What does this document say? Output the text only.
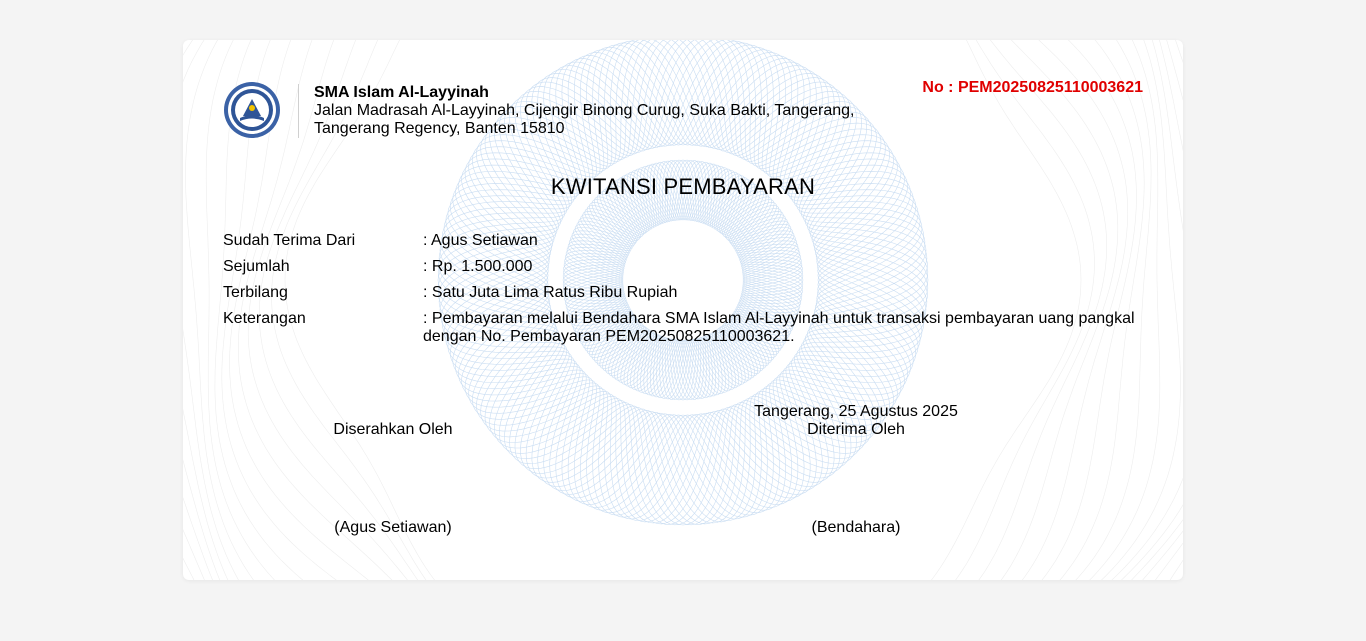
SMA Islam Al-Layyinah
Jalan Madrasah Al-Layyinah, Cijengir Binong Curug, Suka Bakti, Tangerang,
Tangerang Regency, Banten 15810
No : PEM20250825110003621
KWITANSI PEMBAYARAN
Sudah Terima Dari	: Agus Setiawan
Sejumlah	: Rp. 1.500.000
Terbilang	: Satu Juta Lima Ratus Ribu Rupiah
Keterangan	: Pembayaran melalui Bendahara SMA Islam Al-Layyinah untuk transaksi pembayaran uang pangkal dengan No. Pembayaran PEM20250825110003621.
Tangerang, 25 Agustus 2025
Diserahkan Oleh	Diterima Oleh
(Agus Setiawan)	(Bendahara)
